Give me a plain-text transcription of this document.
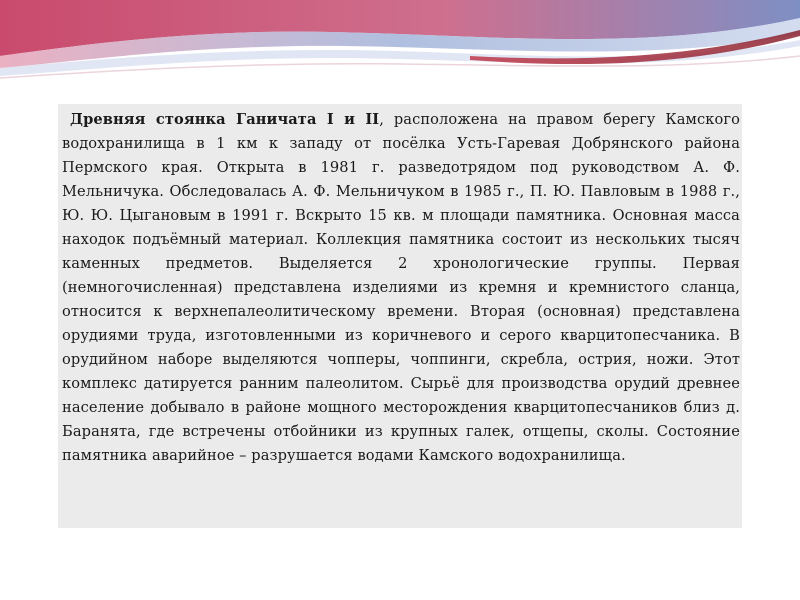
Древняя стоянка Ганичата I и II, расположена на правом берегу Камского водохранилища в 1 км к западу от посёлка Усть-Гаревая Добрянского района Пермского края. Открыта в 1981 г. разведотрядом под руководством А. Ф. Мельничука. Обследовалась А. Ф. Мельничуком в 1985 г., П. Ю. Павловым в 1988 г., Ю. Ю. Цыгановым в 1991 г. Вскрыто 15 кв. м площади памятника. Основная масса находок подъёмный материал. Коллекция памятника состоит из нескольких тысяч каменных предметов. Выделяется 2 хронологические группы. Первая (немногочисленная) представлена изделиями из кремня и кремнистого сланца, относится к верхнепалеолитическому времени. Вторая (основная) представлена орудиями труда, изготовленными из коричневого и серого кварцитопесчаника. В орудийном наборе выделяются чопперы, чоппинги, скребла, острия, ножи. Этот комплекс датируется ранним палеолитом. Сырьё для производства орудий древнее население добывало в районе мощного месторождения кварцитопесчаников близ д. Баранята, где встречены отбойники из крупных галек, отщепы, сколы. Состояние памятника аварийное – разрушается водами Камского водохранилища.
